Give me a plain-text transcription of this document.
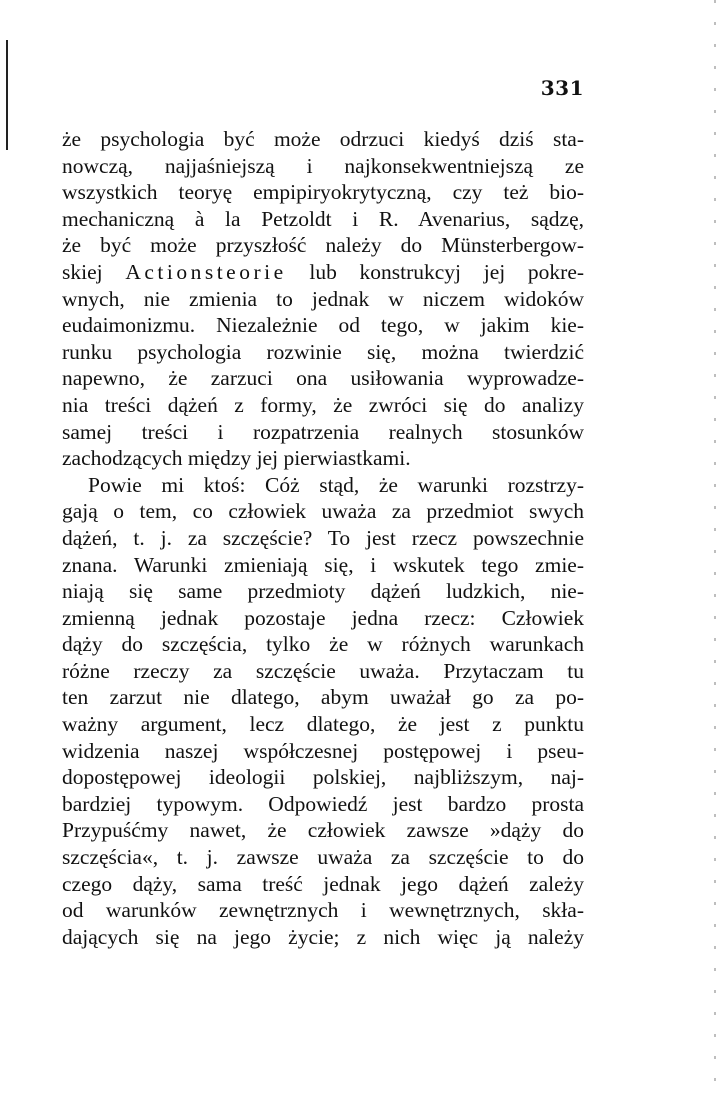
331
że psychologia być może odrzuci kiedyś dziś sta-
nowczą, najjaśniejszą i najkonsekwentniejszą ze
wszystkich teoryę empipiryokrytyczną, czy też bio-
mechaniczną à la Petzoldt i R. Avenarius, sądzę,
że być może przyszłość należy do Münsterbergow-
skiej Actionsteorie lub konstrukcyj jej pokre-
wnych, nie zmienia to jednak w niczem widoków
eudaimonizmu. Niezależnie od tego, w jakim kie-
runku psychologia rozwinie się, można twierdzić
napewno, że zarzuci ona usiłowania wyprowadze-
nia treści dążeń z formy, że zwróci się do analizy
samej treści i rozpatrzenia realnych stosunków
zachodzących między jej pierwiastkami.
Powie mi ktoś: Cóż stąd, że warunki rozstrzy-
gają o tem, co człowiek uważa za przedmiot swych
dążeń, t. j. za szczęście? To jest rzecz powszechnie
znana. Warunki zmieniają się, i wskutek tego zmie-
niają się same przedmioty dążeń ludzkich, nie-
zmienną jednak pozostaje jedna rzecz: Człowiek
dąży do szczęścia, tylko że w różnych warunkach
różne rzeczy za szczęście uważa. Przytaczam tu
ten zarzut nie dlatego, abym uważał go za po-
ważny argument, lecz dlatego, że jest z punktu
widzenia naszej współczesnej postępowej i pseu-
dopostępowej ideologii polskiej, najbliższym, naj-
bardziej typowym. Odpowiedź jest bardzo prosta
Przypuśćmy nawet, że człowiek zawsze »dąży do
szczęścia«, t. j. zawsze uważa za szczęście to do
czego dąży, sama treść jednak jego dążeń zależy
od warunków zewnętrznych i wewnętrznych, skła-
dających się na jego życie; z nich więc ją należy
